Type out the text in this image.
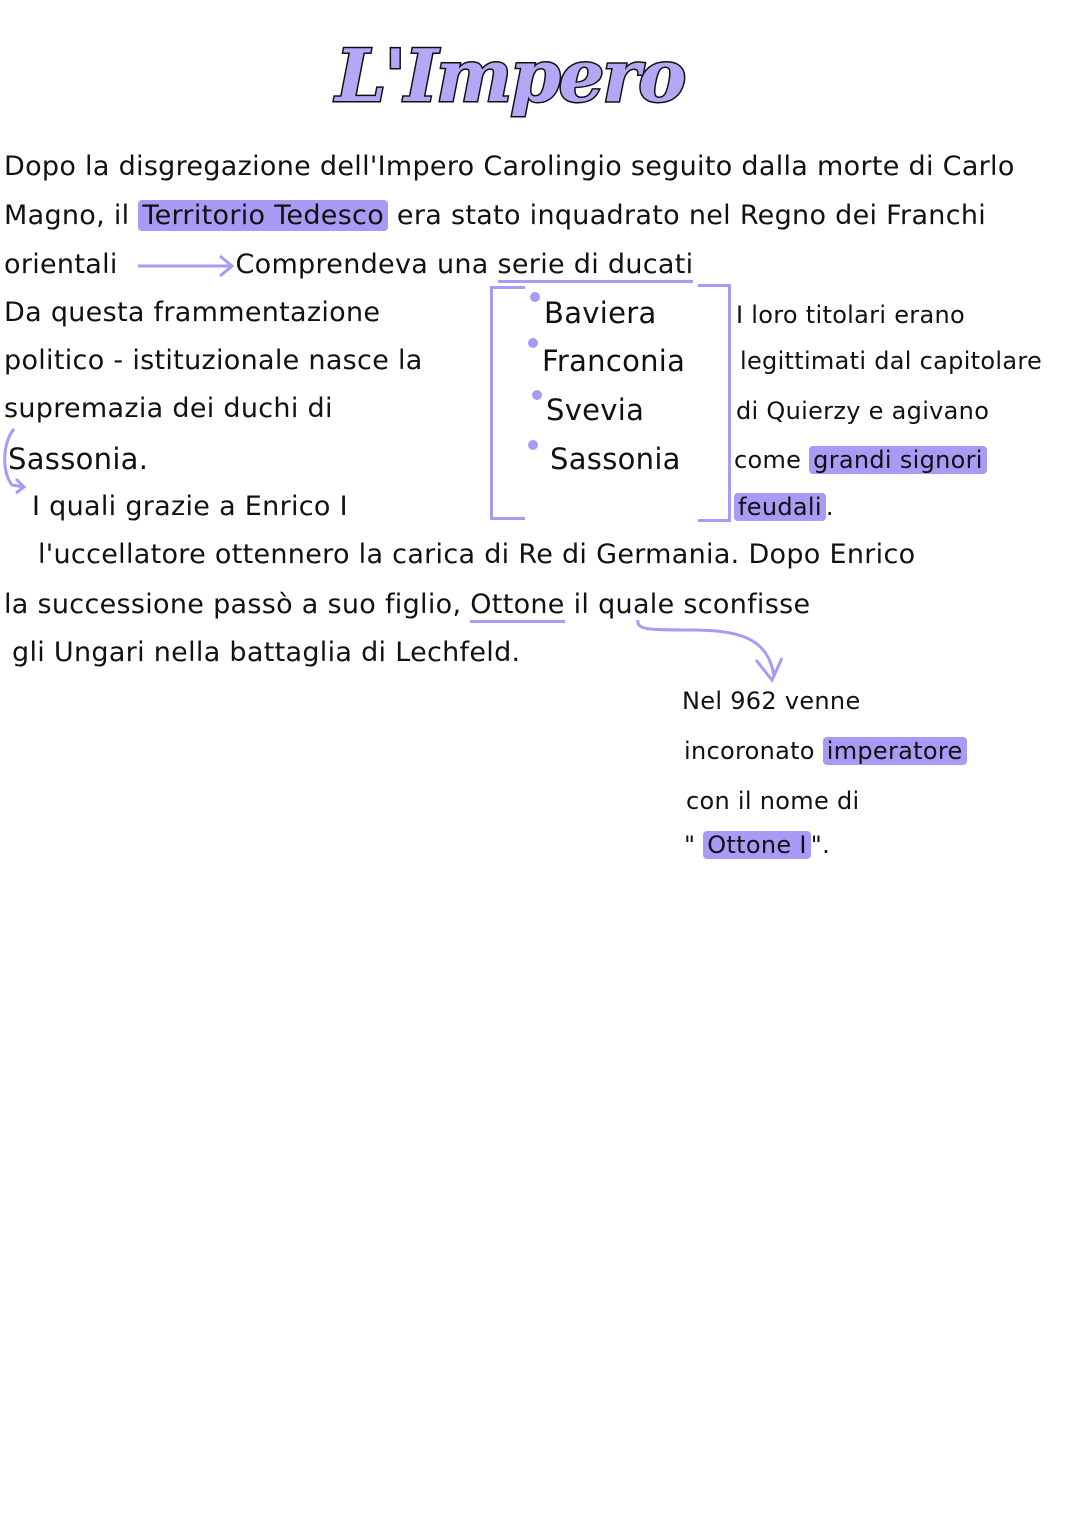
L'Impero
Dopo la disgregazione dell'Impero Carolingio seguito dalla morte di Carlo
Magno, il Territorio Tedesco era stato inquadrato nel Regno dei Franchi
orientali	Comprendeva una serie di ducati
Da questa frammentazione
politico - istituzionale nasce la
supremazia dei duchi di
Sassonia.
I quali grazie a Enrico I
Baviera
Franconia
Svevia
Sassonia
I loro titolari erano
legittimati dal capitolare
di Quierzy e agivano
come grandi signori
feudali .
l'uccellatore ottennero la carica di Re di Germania. Dopo Enrico
la successione passò a suo figlio, Ottone il quale sconfisse
gli Ungari nella battaglia di Lechfeld.
Nel 962 venne
incoronato imperatore
con il nome di
" Ottone I ".
